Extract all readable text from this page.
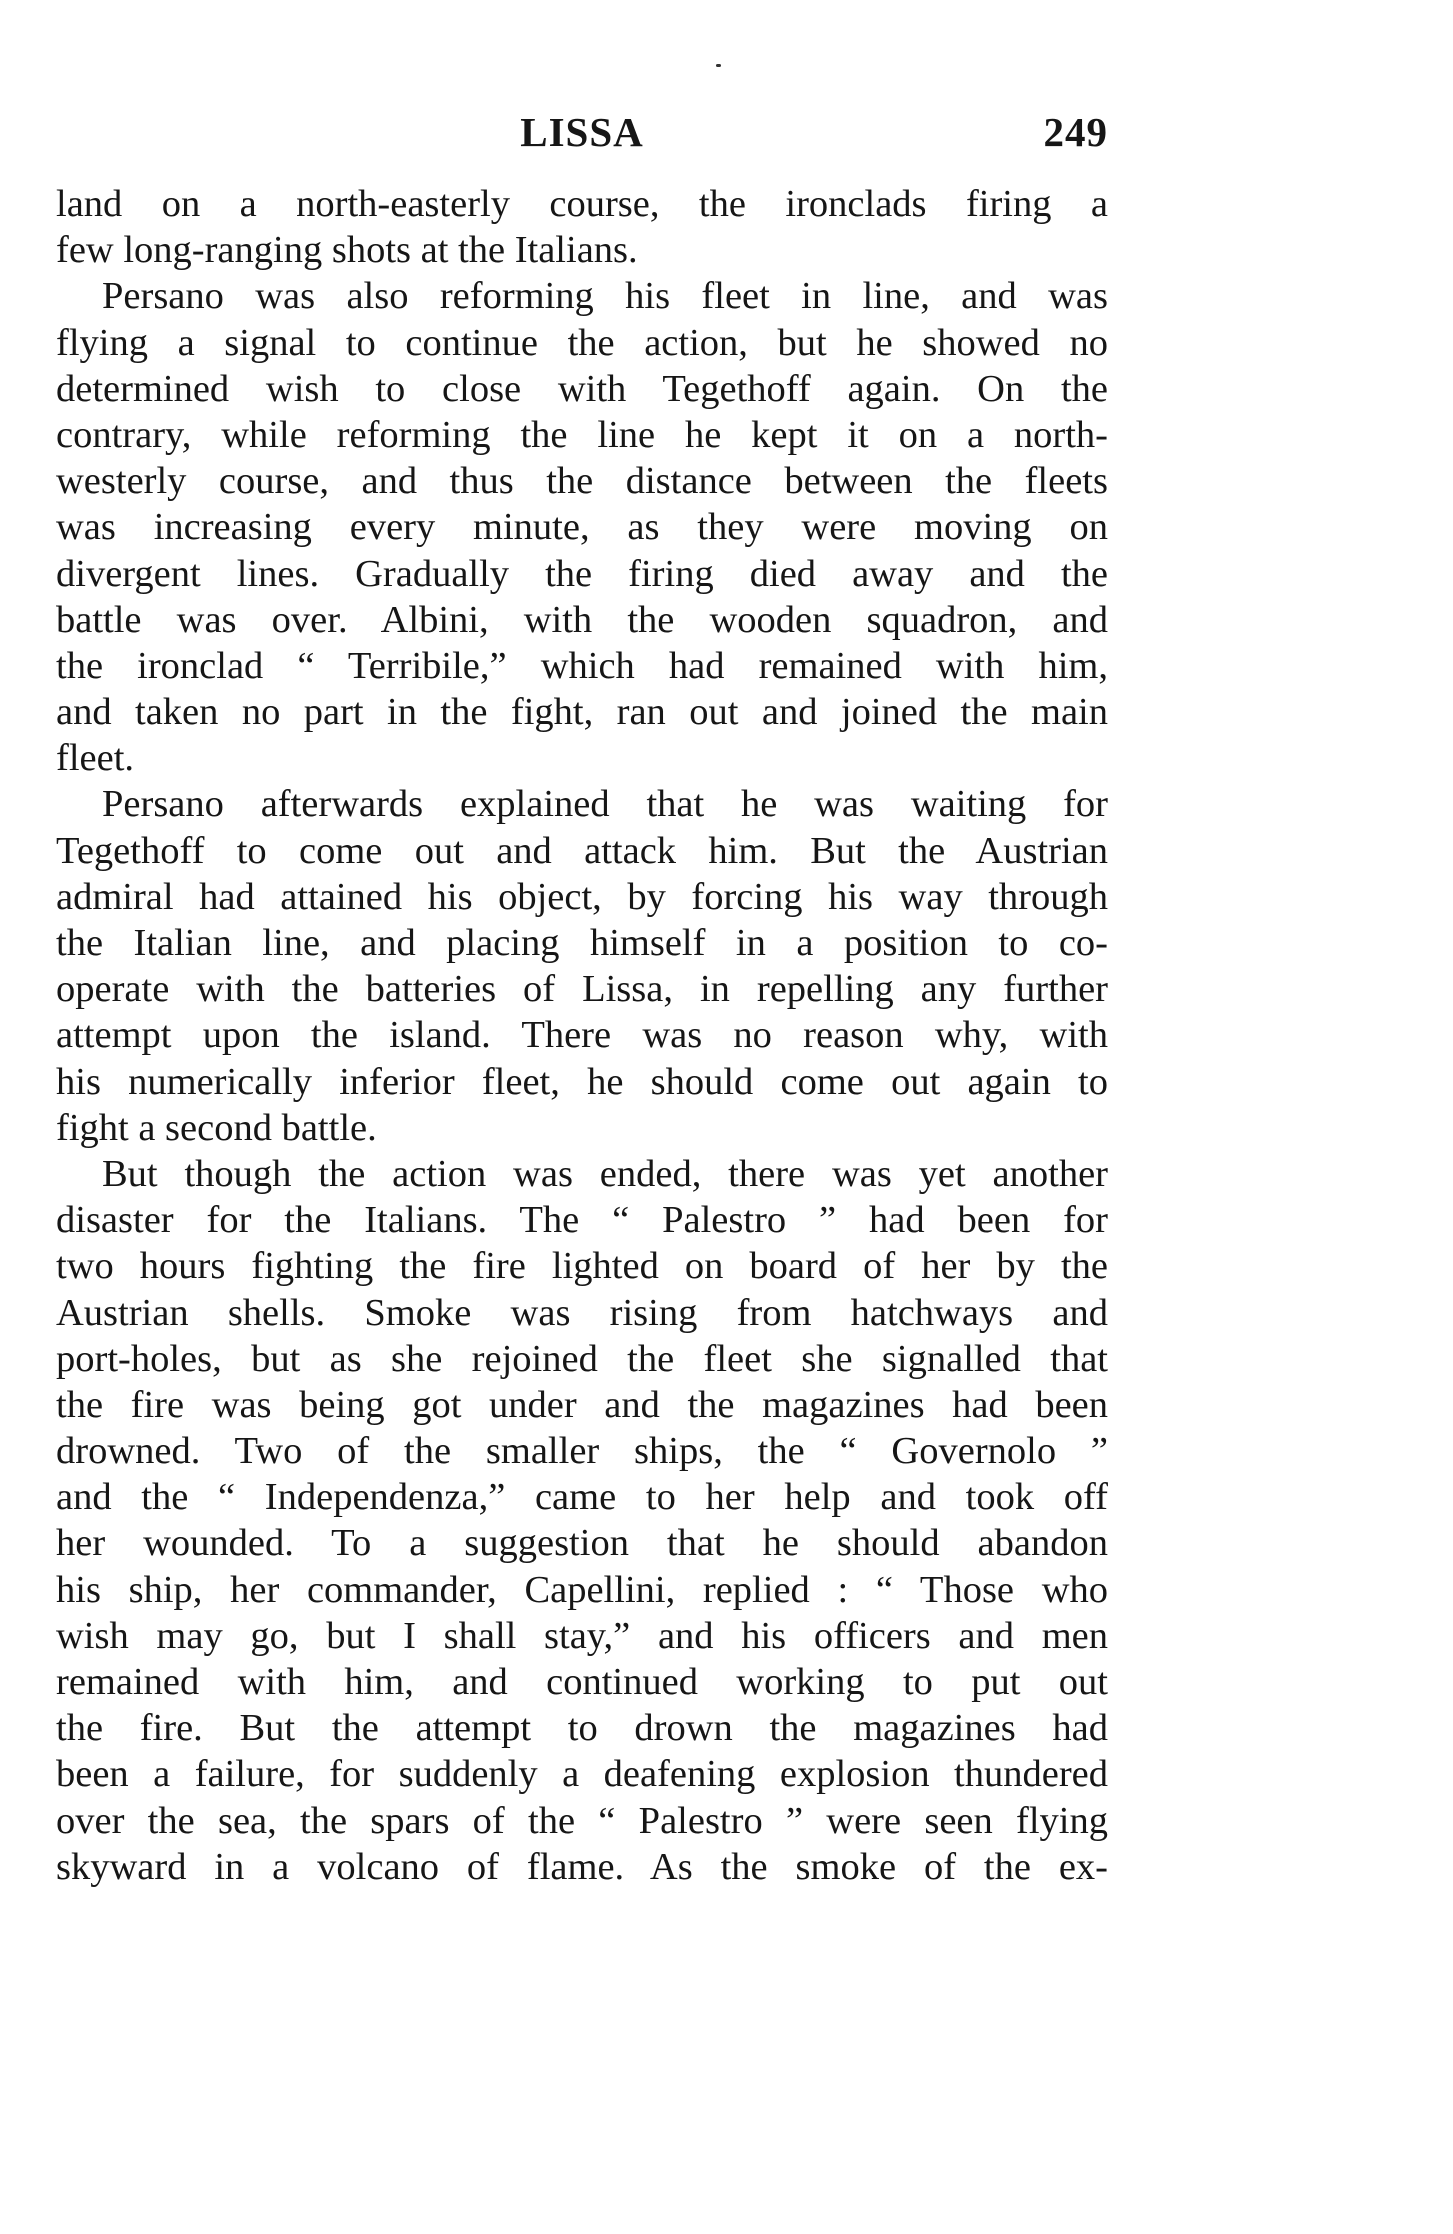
LISSA	249
land on a north-easterly course, the ironclads firing a
few long-ranging shots at the Italians.
Persano was also reforming his fleet in line, and was
flying a signal to continue the action, but he showed no
determined wish to close with Tegethoff again. On the
contrary, while reforming the line he kept it on a north-
westerly course, and thus the distance between the fleets
was increasing every minute, as they were moving on
divergent lines. Gradually the firing died away and the
battle was over. Albini, with the wooden squadron, and
the ironclad “ Terribile,” which had remained with him,
and taken no part in the fight, ran out and joined the main
fleet.
Persano afterwards explained that he was waiting for
Tegethoff to come out and attack him. But the Austrian
admiral had attained his object, by forcing his way through
the Italian line, and placing himself in a position to co-
operate with the batteries of Lissa, in repelling any further
attempt upon the island. There was no reason why, with
his numerically inferior fleet, he should come out again to
fight a second battle.
But though the action was ended, there was yet another
disaster for the Italians. The “ Palestro ” had been for
two hours fighting the fire lighted on board of her by the
Austrian shells. Smoke was rising from hatchways and
port-holes, but as she rejoined the fleet she signalled that
the fire was being got under and the magazines had been
drowned. Two of the smaller ships, the “ Governolo ”
and the “ Independenza,” came to her help and took off
her wounded. To a suggestion that he should abandon
his ship, her commander, Capellini, replied : “ Those who
wish may go, but I shall stay,” and his officers and men
remained with him, and continued working to put out
the fire. But the attempt to drown the magazines had
been a failure, for suddenly a deafening explosion thundered
over the sea, the spars of the “ Palestro ” were seen flying
skyward in a volcano of flame. As the smoke of the ex-
